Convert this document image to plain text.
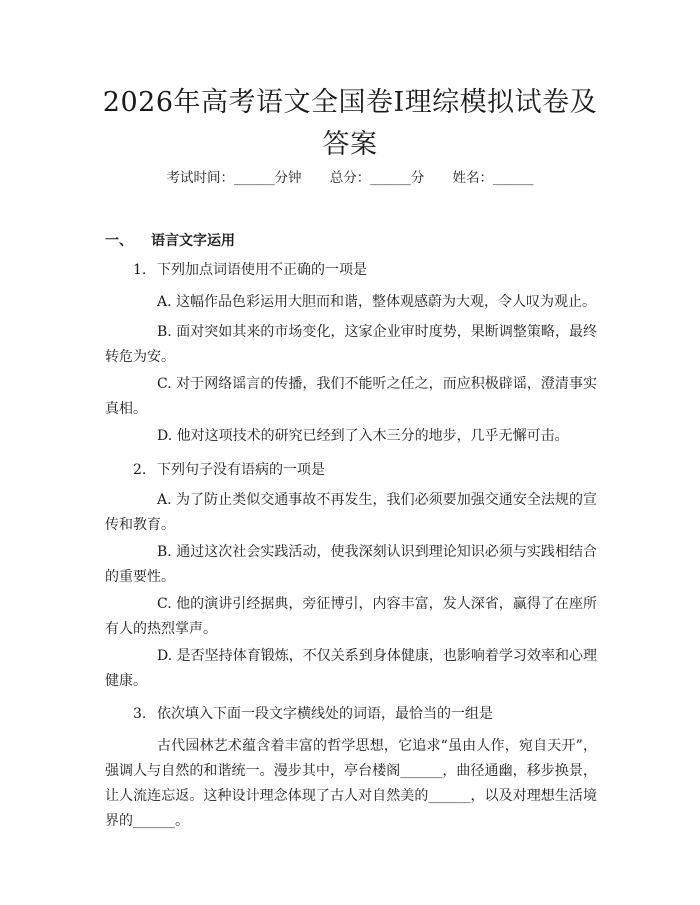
2026年高考语文全国卷Ⅰ理综模拟试卷及答案
考试时间：______分钟 总分：______分 姓名：______
一、 语言文字运用
1. 下列加点词语使用不正确的一项是
A. 这幅作品色彩运用大胆而和谐，整体观感蔚为大观，令人叹为观止。
B. 面对突如其来的市场变化，这家企业审时度势，果断调整策略，最终转危为安。
C. 对于网络谣言的传播，我们不能听之任之，而应积极辟谣，澄清事实真相。
D. 他对这项技术的研究已经到了入木三分的地步，几乎无懈可击。
2. 下列句子没有语病的一项是
A. 为了防止类似交通事故不再发生，我们必须要加强交通安全法规的宣传和教育。
B. 通过这次社会实践活动，使我深刻认识到理论知识必须与实践相结合的重要性。
C. 他的演讲引经据典，旁征博引，内容丰富，发人深省，赢得了在座所有人的热烈掌声。
D. 是否坚持体育锻炼，不仅关系到身体健康，也影响着学习效率和心理健康。
3. 依次填入下面一段文字横线处的词语，最恰当的一组是
古代园林艺术蕴含着丰富的哲学思想，它追求“虽由人作，宛自天开”，强调人与自然的和谐统一。漫步其中，亭台楼阁______，曲径通幽，移步换景，让人流连忘返。这种设计理念体现了古人对自然美的______，以及对理想生活境界的______。
